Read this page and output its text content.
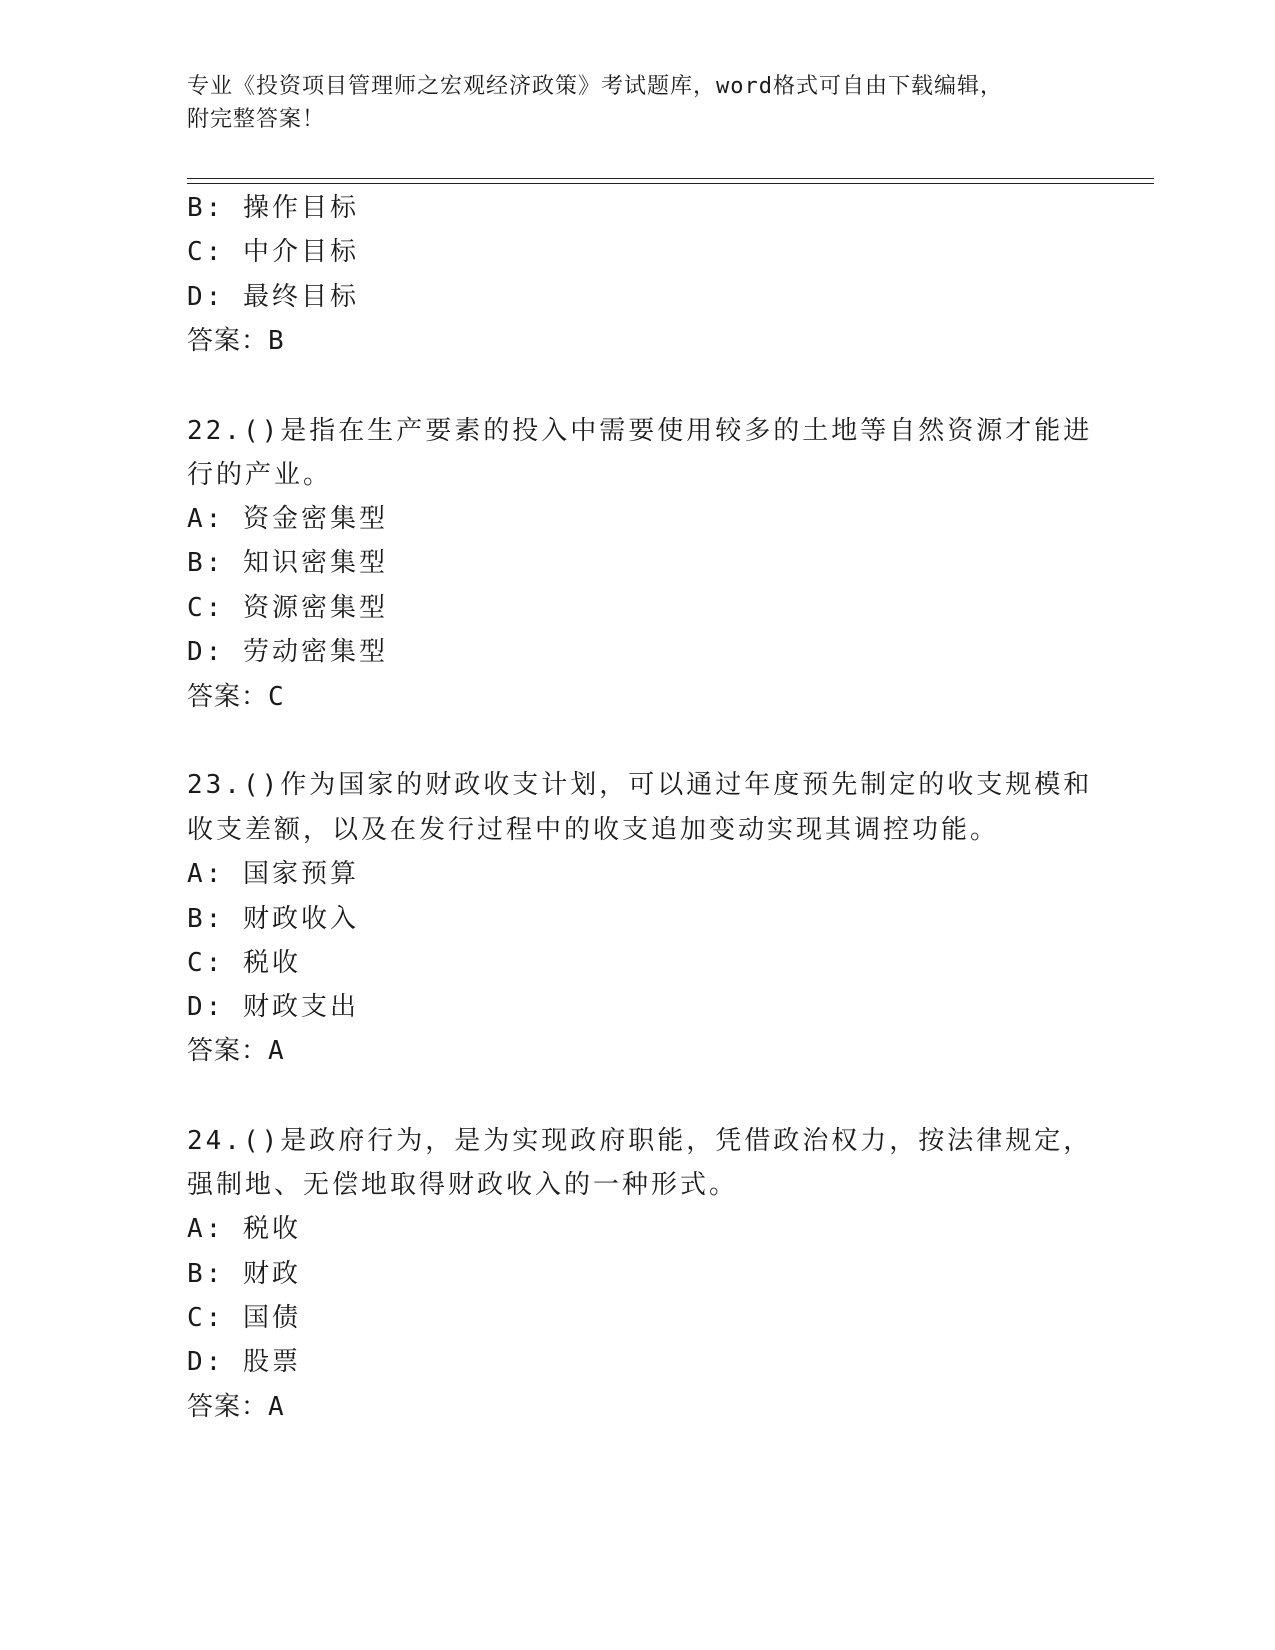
专业《投资项目管理师之宏观经济政策》考试题库，word格式可自由下载编辑，
附完整答案！
B: 操作目标
C: 中介目标
D: 最终目标
答案：B
22.()是指在生产要素的投入中需要使用较多的土地等自然资源才能进
行的产业。
A: 资金密集型
B: 知识密集型
C: 资源密集型
D: 劳动密集型
答案：C
23.()作为国家的财政收支计划，可以通过年度预先制定的收支规模和
收支差额，以及在发行过程中的收支追加变动实现其调控功能。
A: 国家预算
B: 财政收入
C: 税收
D: 财政支出
答案：A
24.()是政府行为，是为实现政府职能，凭借政治权力，按法律规定，
强制地、无偿地取得财政收入的一种形式。
A: 税收
B: 财政
C: 国债
D: 股票
答案：A
